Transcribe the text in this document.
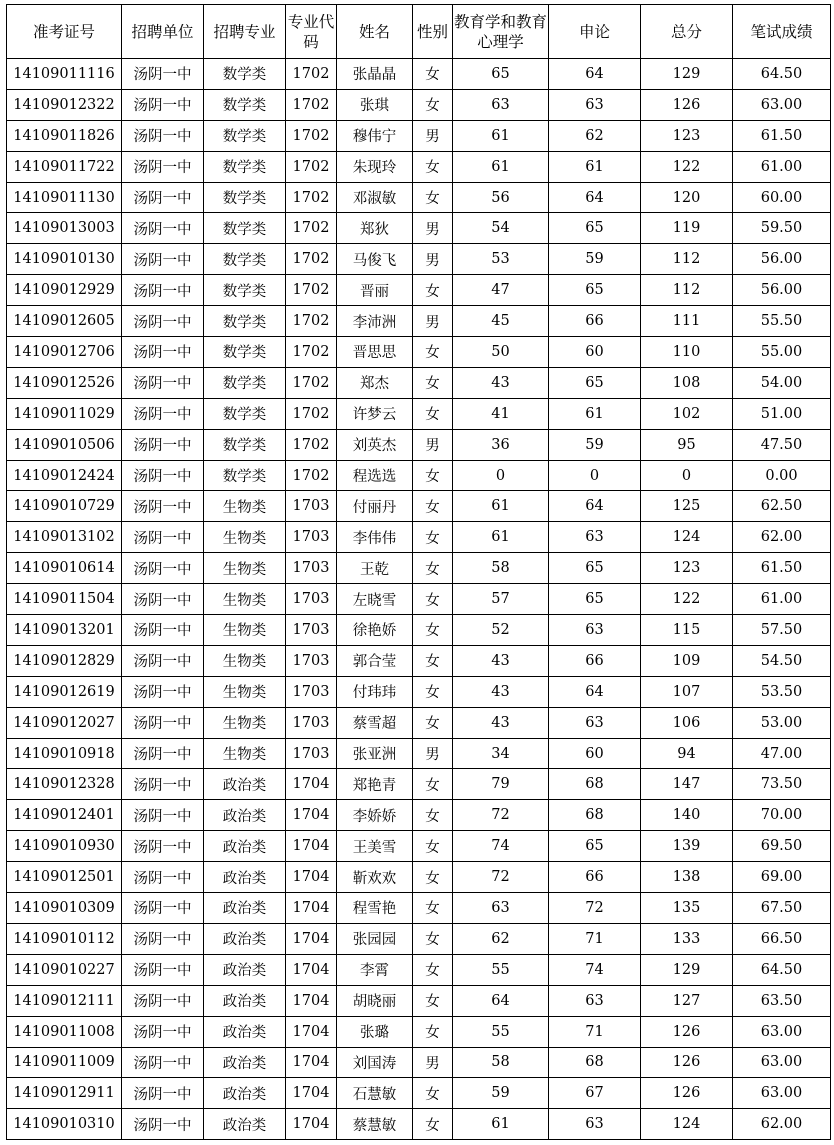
准考证号	招聘单位	招聘专业	专业代码	姓名	性别	教育学和教育心理学	申论	总分	笔试成绩
14109011116	汤阴一中	数学类	1702	张晶晶	女	65	64	129	64.50
14109012322	汤阴一中	数学类	1702	张琪	女	63	63	126	63.00
14109011826	汤阴一中	数学类	1702	穆伟宁	男	61	62	123	61.50
14109011722	汤阴一中	数学类	1702	朱现玲	女	61	61	122	61.00
14109011130	汤阴一中	数学类	1702	邓淑敏	女	56	64	120	60.00
14109013003	汤阴一中	数学类	1702	郑狄	男	54	65	119	59.50
14109010130	汤阴一中	数学类	1702	马俊飞	男	53	59	112	56.00
14109012929	汤阴一中	数学类	1702	晋丽	女	47	65	112	56.00
14109012605	汤阴一中	数学类	1702	李沛洲	男	45	66	111	55.50
14109012706	汤阴一中	数学类	1702	晋思思	女	50	60	110	55.00
14109012526	汤阴一中	数学类	1702	郑杰	女	43	65	108	54.00
14109011029	汤阴一中	数学类	1702	许梦云	女	41	61	102	51.00
14109010506	汤阴一中	数学类	1702	刘英杰	男	36	59	95	47.50
14109012424	汤阴一中	数学类	1702	程选选	女	0	0	0	0.00
14109010729	汤阴一中	生物类	1703	付丽丹	女	61	64	125	62.50
14109013102	汤阴一中	生物类	1703	李伟伟	女	61	63	124	62.00
14109010614	汤阴一中	生物类	1703	王乾	女	58	65	123	61.50
14109011504	汤阴一中	生物类	1703	左晓雪	女	57	65	122	61.00
14109013201	汤阴一中	生物类	1703	徐艳娇	女	52	63	115	57.50
14109012829	汤阴一中	生物类	1703	郭合莹	女	43	66	109	54.50
14109012619	汤阴一中	生物类	1703	付玮玮	女	43	64	107	53.50
14109012027	汤阴一中	生物类	1703	蔡雪超	女	43	63	106	53.00
14109010918	汤阴一中	生物类	1703	张亚洲	男	34	60	94	47.00
14109012328	汤阴一中	政治类	1704	郑艳青	女	79	68	147	73.50
14109012401	汤阴一中	政治类	1704	李娇娇	女	72	68	140	70.00
14109010930	汤阴一中	政治类	1704	王美雪	女	74	65	139	69.50
14109012501	汤阴一中	政治类	1704	靳欢欢	女	72	66	138	69.00
14109010309	汤阴一中	政治类	1704	程雪艳	女	63	72	135	67.50
14109010112	汤阴一中	政治类	1704	张园园	女	62	71	133	66.50
14109010227	汤阴一中	政治类	1704	李霄	女	55	74	129	64.50
14109012111	汤阴一中	政治类	1704	胡晓丽	女	64	63	127	63.50
14109011008	汤阴一中	政治类	1704	张璐	女	55	71	126	63.00
14109011009	汤阴一中	政治类	1704	刘国涛	男	58	68	126	63.00
14109012911	汤阴一中	政治类	1704	石慧敏	女	59	67	126	63.00
14109010310	汤阴一中	政治类	1704	蔡慧敏	女	61	63	124	62.00
